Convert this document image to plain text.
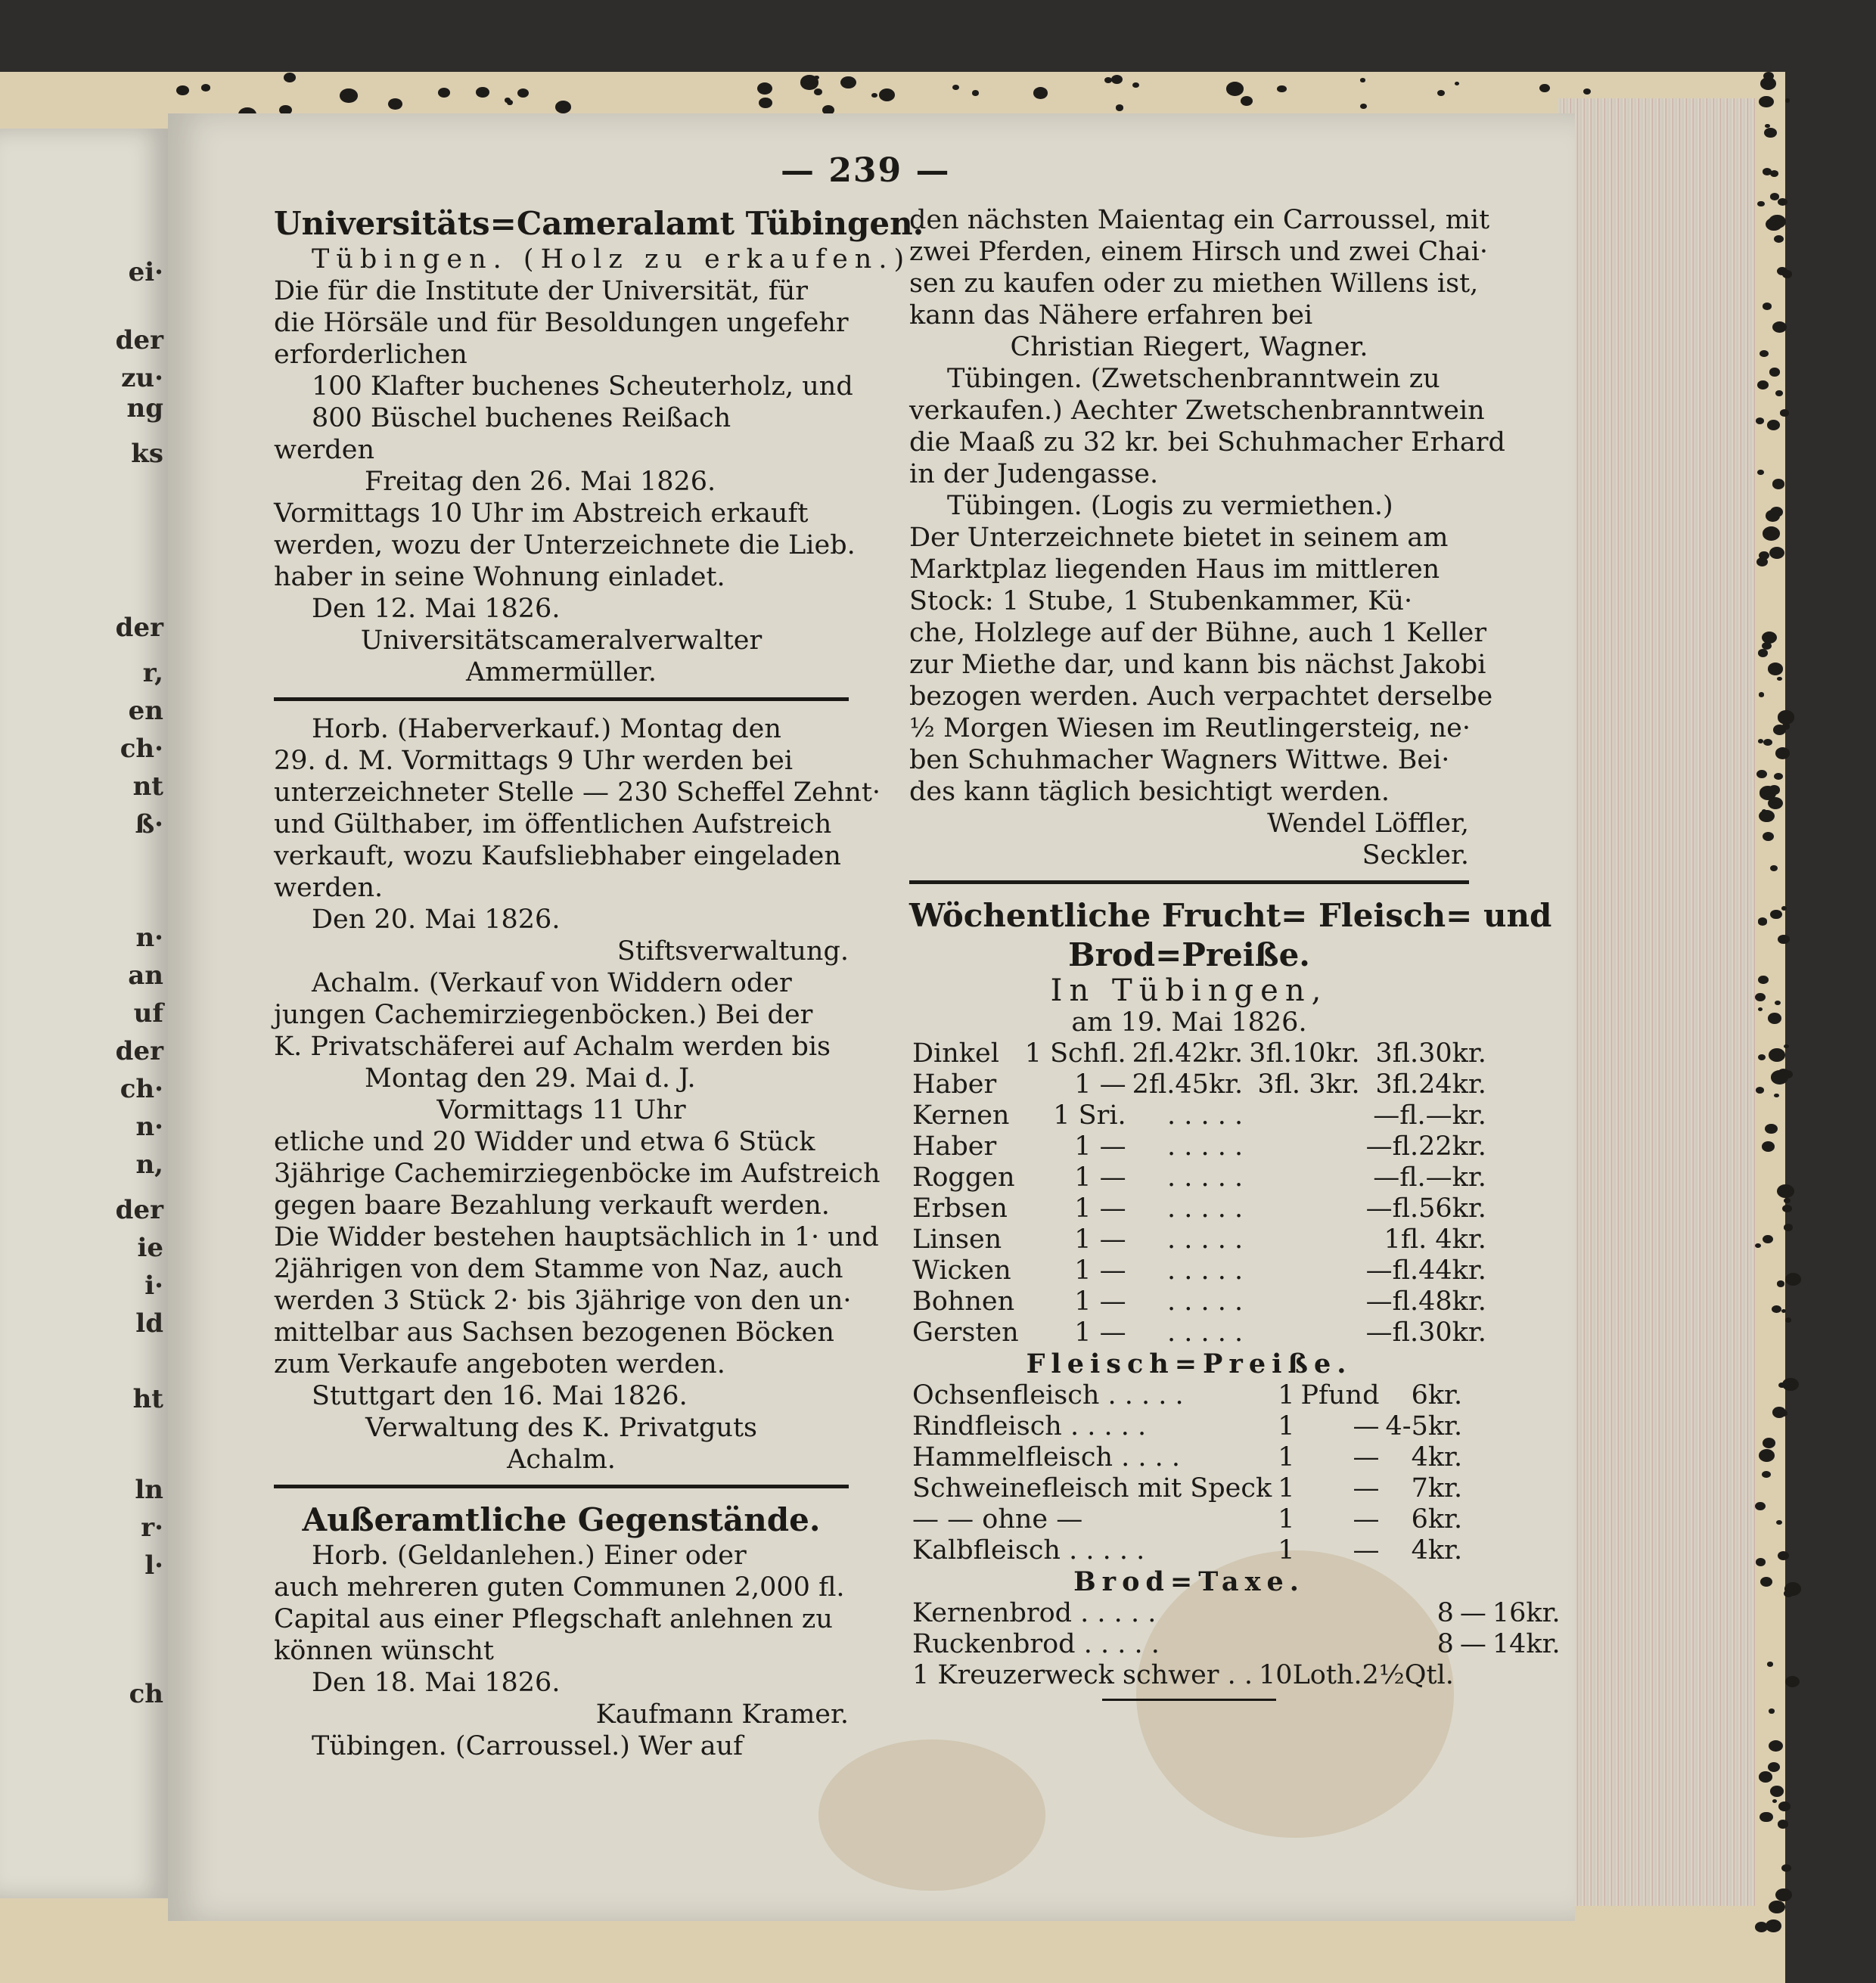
ei·
der
zu·
ng
ks
der
r,
en
ch·
nt
ß·
n·
an
uf
der
ch·
n·
n,
der
ie
i·
ld
ht
ln
r·
l·
ch
— 239 —
Universitäts=Cameralamt Tübingen.
Tübingen. (Holz zu erkaufen.)
Die für die Institute der Universität, für
die Hörsäle und für Besoldungen ungefehr
erforderlichen
100 Klafter buchenes Scheuterholz, und
800 Büschel buchenes Reißach
werden
Freitag den 26. Mai 1826.
Vormittags 10 Uhr im Abstreich erkauft
werden, wozu der Unterzeichnete die Lieb.
haber in seine Wohnung einladet.
Den 12. Mai 1826.
Universitätscameralverwalter
Ammermüller.
Horb. (Haberverkauf.) Montag den
29. d. M. Vormittags 9 Uhr werden bei
unterzeichneter Stelle — 230 Scheffel Zehnt·
und Gülthaber, im öffentlichen Aufstreich
verkauft, wozu Kaufsliebhaber eingeladen
werden.
Den 20. Mai 1826.
Stiftsverwaltung.
Achalm. (Verkauf von Widdern oder
jungen Cachemirziegenböcken.) Bei der
K. Privatschäferei auf Achalm werden bis
Montag den 29. Mai d. J.
Vormittags 11 Uhr
etliche und 20 Widder und etwa 6 Stück
3jährige Cachemirziegenböcke im Aufstreich
gegen baare Bezahlung verkauft werden.
Die Widder bestehen hauptsächlich in 1· und
2jährigen von dem Stamme von Naz, auch
werden 3 Stück 2· bis 3jährige von den un·
mittelbar aus Sachsen bezogenen Böcken
zum Verkaufe angeboten werden.
Stuttgart den 16. Mai 1826.
Verwaltung des K. Privatguts
Achalm.
Außeramtliche Gegenstände.
Horb. (Geldanlehen.) Einer oder
auch mehreren guten Communen 2,000 fl.
Capital aus einer Pflegschaft anlehnen zu
können wünscht
Den 18. Mai 1826.
Kaufmann Kramer.
Tübingen. (Carroussel.) Wer auf
den nächsten Maientag ein Carroussel, mit
zwei Pferden, einem Hirsch und zwei Chai·
sen zu kaufen oder zu miethen Willens ist,
kann das Nähere erfahren bei
Christian Riegert, Wagner.
Tübingen. (Zwetschenbranntwein zu
verkaufen.) Aechter Zwetschenbranntwein
die Maaß zu 32 kr. bei Schuhmacher Erhard
in der Judengasse.
Tübingen. (Logis zu vermiethen.)
Der Unterzeichnete bietet in seinem am
Marktplaz liegenden Haus im mittleren
Stock: 1 Stube, 1 Stubenkammer, Kü·
che, Holzlege auf der Bühne, auch 1 Keller
zur Miethe dar, und kann bis nächst Jakobi
bezogen werden. Auch verpachtet derselbe
½ Morgen Wiesen im Reutlingersteig, ne·
ben Schuhmacher Wagners Wittwe. Bei·
des kann täglich besichtigt werden.
Wendel Löffler,
Seckler.
Wöchentliche Frucht= Fleisch= und
Brod=Preiße.
In Tübingen,
am 19. Mai 1826.
Dinkel	1 Schfl.	2fl.42kr.	3fl.10kr.	3fl.30kr.
Haber	1 —	2fl.45kr.	3fl. 3kr.	3fl.24kr.
Kernen	1 Sri.	. . . . .		—fl.—kr.
Haber	1 —	. . . . .		—fl.22kr.
Roggen	1 —	. . . . .		—fl.—kr.
Erbsen	1 —	. . . . .		—fl.56kr.
Linsen	1 —	. . . . .		1fl. 4kr.
Wicken	1 —	. . . . .		—fl.44kr.
Bohnen	1 —	. . . . .		—fl.48kr.
Gersten	1 —	. . . . .		—fl.30kr.
Fleisch=Preiße.
Ochsenfleisch . . . . .	1	Pfund	6kr.
Rindfleisch . . . . .	1	—	4-5kr.
Hammelfleisch . . . .	1	—	4kr.
Schweinefleisch mit Speck	1	—	7kr.
— — ohne —	1	—	6kr.
Kalbfleisch . . . . .	1	—	4kr.
Brod=Taxe.
Kernenbrod . . . . .	8	—	16kr.
Ruckenbrod . . . . .	8	—	14kr.
1 Kreuzerweck schwer . .	10Loth.2½Qtl.		
